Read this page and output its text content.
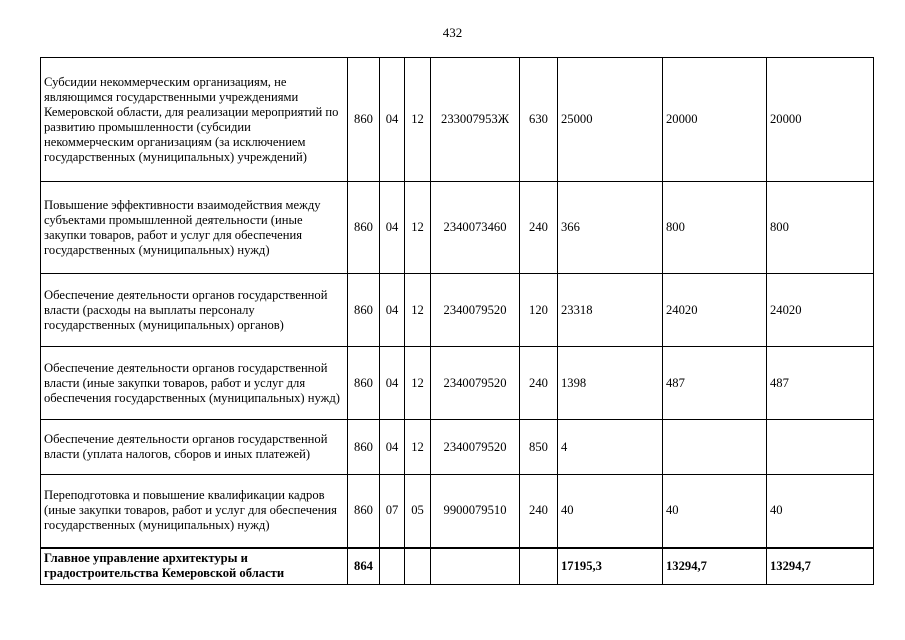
432
Субсидии некоммерческим организациям, не являющимся государственными учреждениями Кемеровской области, для реализации мероприятий по развитию промышленности (субсидии некоммерческим организациям (за исключением государственных (муниципальных) учреждений)	860	04	12	233007953Ж	630	25000	20000	20000
Повышение эффективности взаимодействия между субъектами промышленной деятельности (иные закупки товаров, работ и услуг для обеспечения государственных (муниципальных) нужд)	860	04	12	2340073460	240	366	800	800
Обеспечение деятельности органов государственной власти (расходы на выплаты персоналу государственных (муниципальных) органов)	860	04	12	2340079520	120	23318	24020	24020
Обеспечение деятельности органов государственной власти (иные закупки товаров, работ и услуг для обеспечения государственных (муниципальных) нужд)	860	04	12	2340079520	240	1398	487	487
Обеспечение деятельности органов государственной власти (уплата налогов, сборов и иных платежей)	860	04	12	2340079520	850	4		
Переподготовка и повышение квалификации кадров (иные закупки товаров, работ и услуг для обеспечения государственных (муниципальных) нужд)	860	07	05	9900079510	240	40	40	40
Главное управление архитектуры и градостроительства Кемеровской области	864					17195,3	13294,7	13294,7
